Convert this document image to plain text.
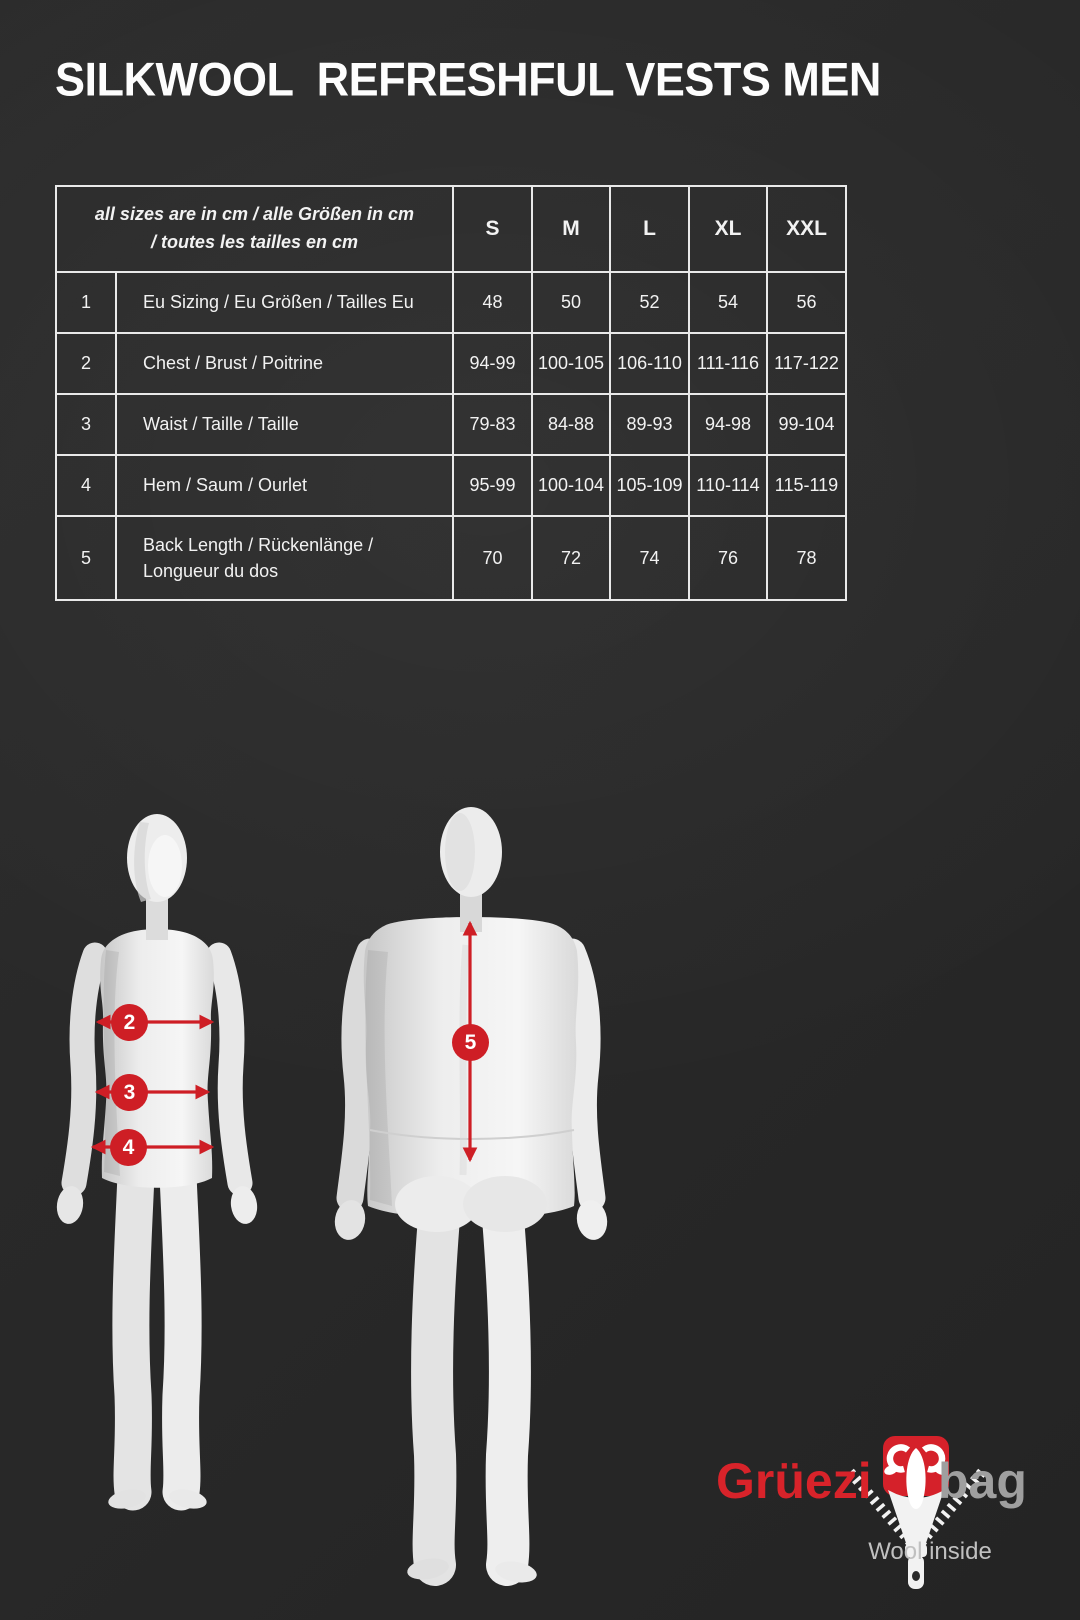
SILKWOOL  REFRESHFUL VESTS MEN
all sizes are in cm / alle Größen in cm / toutes les tailles en cm		S	M	L	XL	XXL
1	Eu Sizing / Eu Größen / Tailles Eu	48	50	52	54	56
2	Chest / Brust / Poitrine	94-99	100-105	106-110	111-116	117-122
3	Waist / Taille / Taille	79-83	84-88	89-93	94-98	99-104
4	Hem / Saum / Ourlet	95-99	100-104	105-109	110-114	115-119
5	Back Length / Rückenlänge / Longueur du dos	70	72	74	76	78
2
3
4
5
Grüezi bag
Wool inside
